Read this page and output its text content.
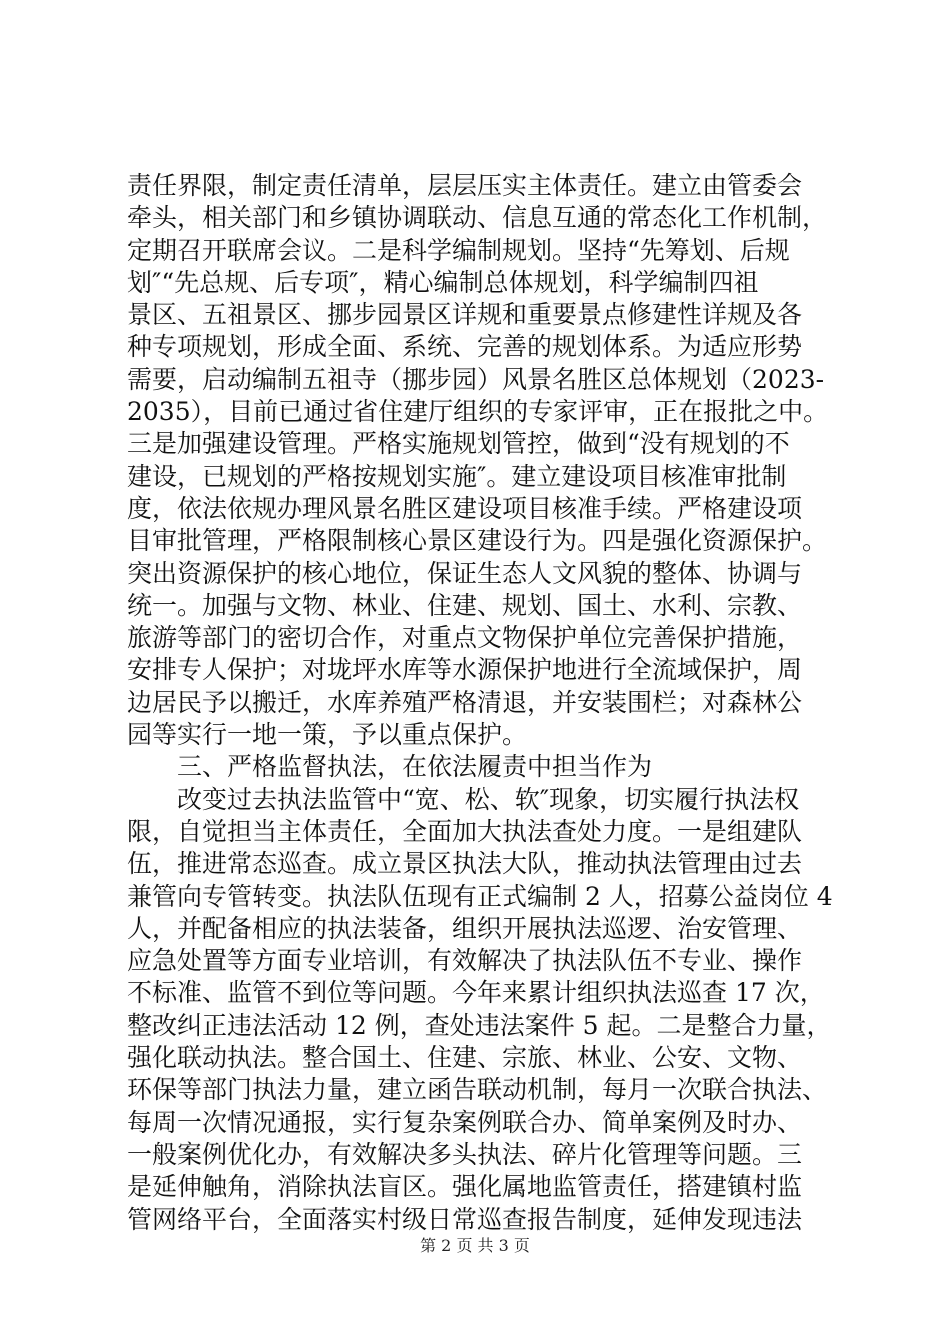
责任界限，制定责任清单，层层压实主体责任。建立由管委会
牵头，相关部门和乡镇协调联动、信息互通的常态化工作机制，
定期召开联席会议。二是科学编制规划。坚持“先筹划、后规
划″“先总规、后专项″，精心编制总体规划，科学编制四祖
景区、五祖景区、挪步园景区详规和重要景点修建性详规及各
种专项规划，形成全面、系统、完善的规划体系。为适应形势
需要，启动编制五祖寺（挪步园）风景名胜区总体规划（2023-
2035），目前已通过省住建厅组织的专家评审，正在报批之中。
三是加强建设管理。严格实施规划管控，做到“没有规划的不
建设，已规划的严格按规划实施″。建立建设项目核准审批制
度，依法依规办理风景名胜区建设项目核准手续。严格建设项
目审批管理，严格限制核心景区建设行为。四是强化资源保护。
突出资源保护的核心地位，保证生态人文风貌的整体、协调与
统一。加强与文物、林业、住建、规划、国土、水利、宗教、
旅游等部门的密切合作，对重点文物保护单位完善保护措施，
安排专人保护；对垅坪水库等水源保护地进行全流域保护，周
边居民予以搬迁，水库养殖严格清退，并安装围栏；对森林公
园等实行一地一策，予以重点保护。
　　三、严格监督执法，在依法履责中担当作为
　　改变过去执法监管中“宽、松、软″现象，切实履行执法权
限，自觉担当主体责任，全面加大执法查处力度。一是组建队
伍，推进常态巡查。成立景区执法大队，推动执法管理由过去
兼管向专管转变。执法队伍现有正式编制 2 人，招募公益岗位 4
人，并配备相应的执法装备，组织开展执法巡逻、治安管理、
应急处置等方面专业培训，有效解决了执法队伍不专业、操作
不标准、监管不到位等问题。今年来累计组织执法巡查 17 次，
整改纠正违法活动 12 例，查处违法案件 5 起。二是整合力量，
强化联动执法。整合国土、住建、宗旅、林业、公安、文物、
环保等部门执法力量，建立函告联动机制，每月一次联合执法、
每周一次情况通报，实行复杂案例联合办、简单案例及时办、
一般案例优化办，有效解决多头执法、碎片化管理等问题。三
是延伸触角，消除执法盲区。强化属地监管责任，搭建镇村监
管网络平台，全面落实村级日常巡查报告制度，延伸发现违法
第 2 页 共 3 页
